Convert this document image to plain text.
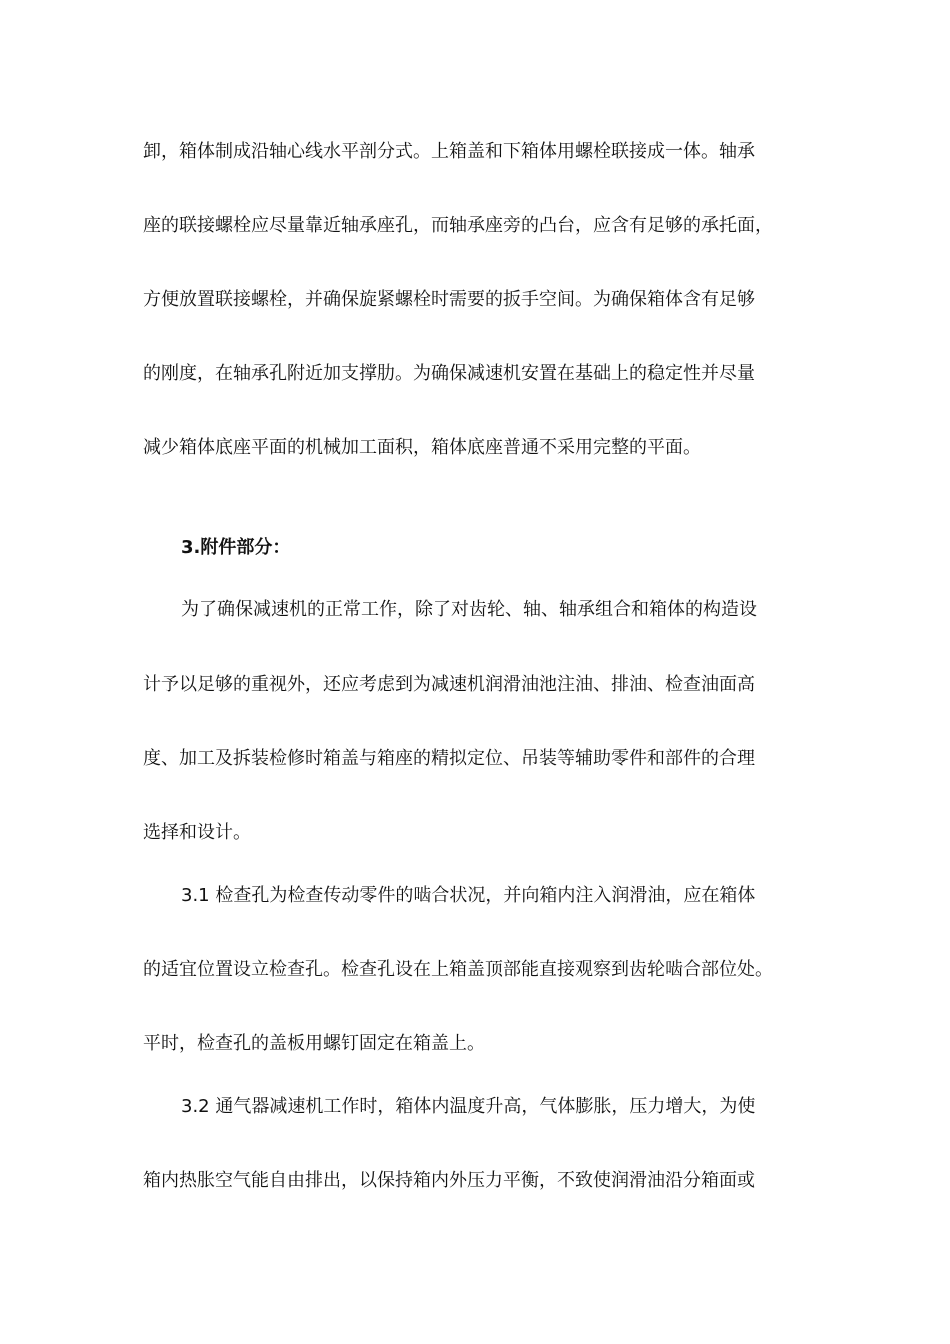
卸，箱体制成沿轴心线水平剖分式。上箱盖和下箱体用螺栓联接成一体。轴承
座的联接螺栓应尽量靠近轴承座孔，而轴承座旁的凸台，应含有足够的承托面，
方便放置联接螺栓，并确保旋紧螺栓时需要的扳手空间。为确保箱体含有足够
的刚度，在轴承孔附近加支撑肋。为确保减速机安置在基础上的稳定性并尽量
减少箱体底座平面的机械加工面积，箱体底座普通不采用完整的平面。
3.附件部分：
为了确保减速机的正常工作，除了对齿轮、轴、轴承组合和箱体的构造设
计予以足够的重视外，还应考虑到为减速机润滑油池注油、排油、检查油面高
度、加工及拆装检修时箱盖与箱座的精拟定位、吊装等辅助零件和部件的合理
选择和设计。
3.1 检查孔为检查传动零件的啮合状况，并向箱内注入润滑油，应在箱体
的适宜位置设立检查孔。检查孔设在上箱盖顶部能直接观察到齿轮啮合部位处。
平时，检查孔的盖板用螺钉固定在箱盖上。
3.2 通气器减速机工作时，箱体内温度升高，气体膨胀，压力增大，为使
箱内热胀空气能自由排出，以保持箱内外压力平衡，不致使润滑油沿分箱面或
